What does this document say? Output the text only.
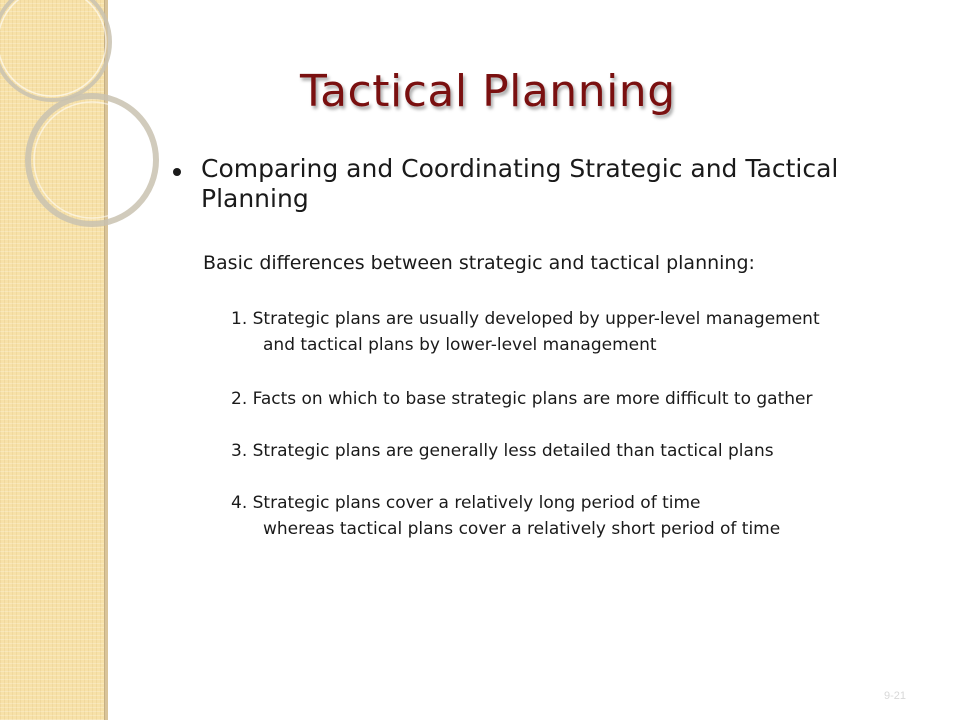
Tactical Planning
Comparing and Coordinating Strategic and Tactical Planning
Basic differences between strategic and tactical planning:
1. Strategic plans are usually developed by upper-level management
and tactical plans by lower-level management
2. Facts on which to base strategic plans are more difficult to gather
3. Strategic plans are generally less detailed than tactical plans
4. Strategic plans cover a relatively long period of time
whereas tactical plans cover a relatively short period of time
9-21
